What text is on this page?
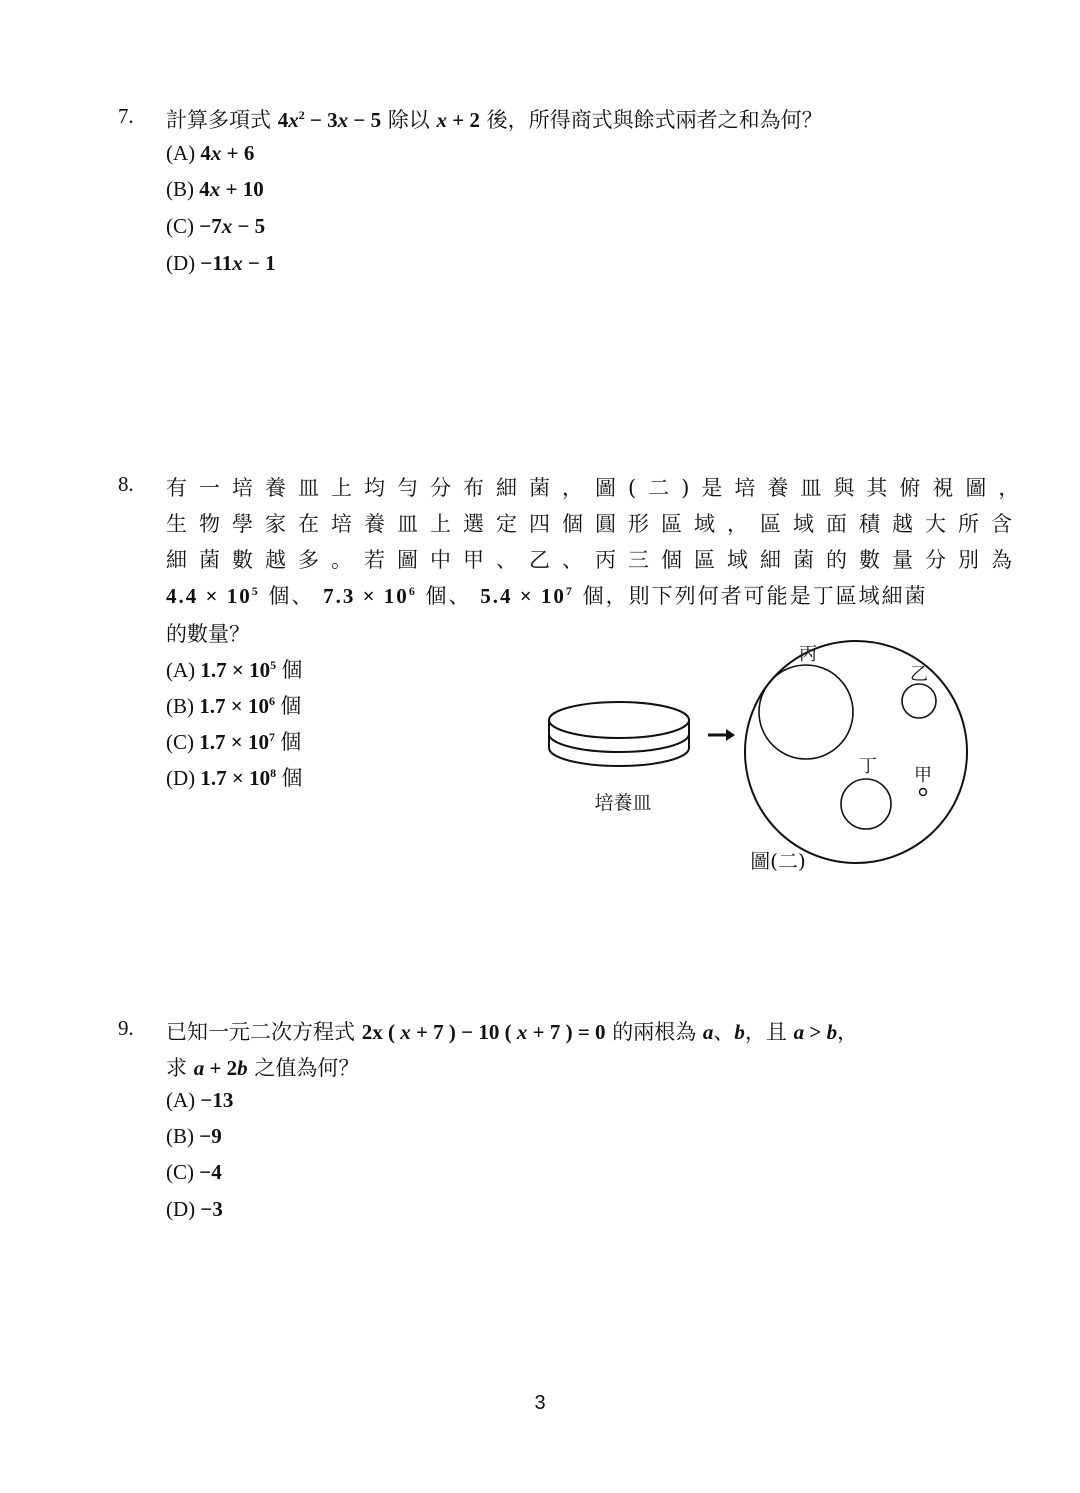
7. 計算多項式 $4x^2 - 3x - 5$ 除以 x + 2 後，所得商式與餘式兩者之和為何？
(A) 4x + 6
(B) 4x + 10
(C) −7x − 5
(D) −11x − 1
8. 有一培養皿上均勻分布細菌，圖(二)是培養皿與其俯視圖，
生物學家在培養皿上選定四個圓形區域，區域面積越大所含
細菌數越多。若圖中甲、乙、丙三個區域細菌的數量分別為
$4.4 \times 10^5$ 個、 $7.3 \times 10^6$ 個、 $5.4 \times 10^7$ 個，則下列何者可能是丁區域細菌
的數量？
(A) $1.7 \times 10^5$ 個
(B) $1.7 \times 10^6$ 個
(C) $1.7 \times 10^7$ 個
(D) $1.7 \times 10^8$ 個
培養皿
丙
乙
丁 甲
圖(二)
9. 已知一元二次方程式 2x ( x + 7 ) − 10 ( x + 7 ) = 0 的兩根為 a、b，且 a > b，
求 a + 2b 之值為何？
(A) −13
(B) −9
(C) −4
(D) −3
3
